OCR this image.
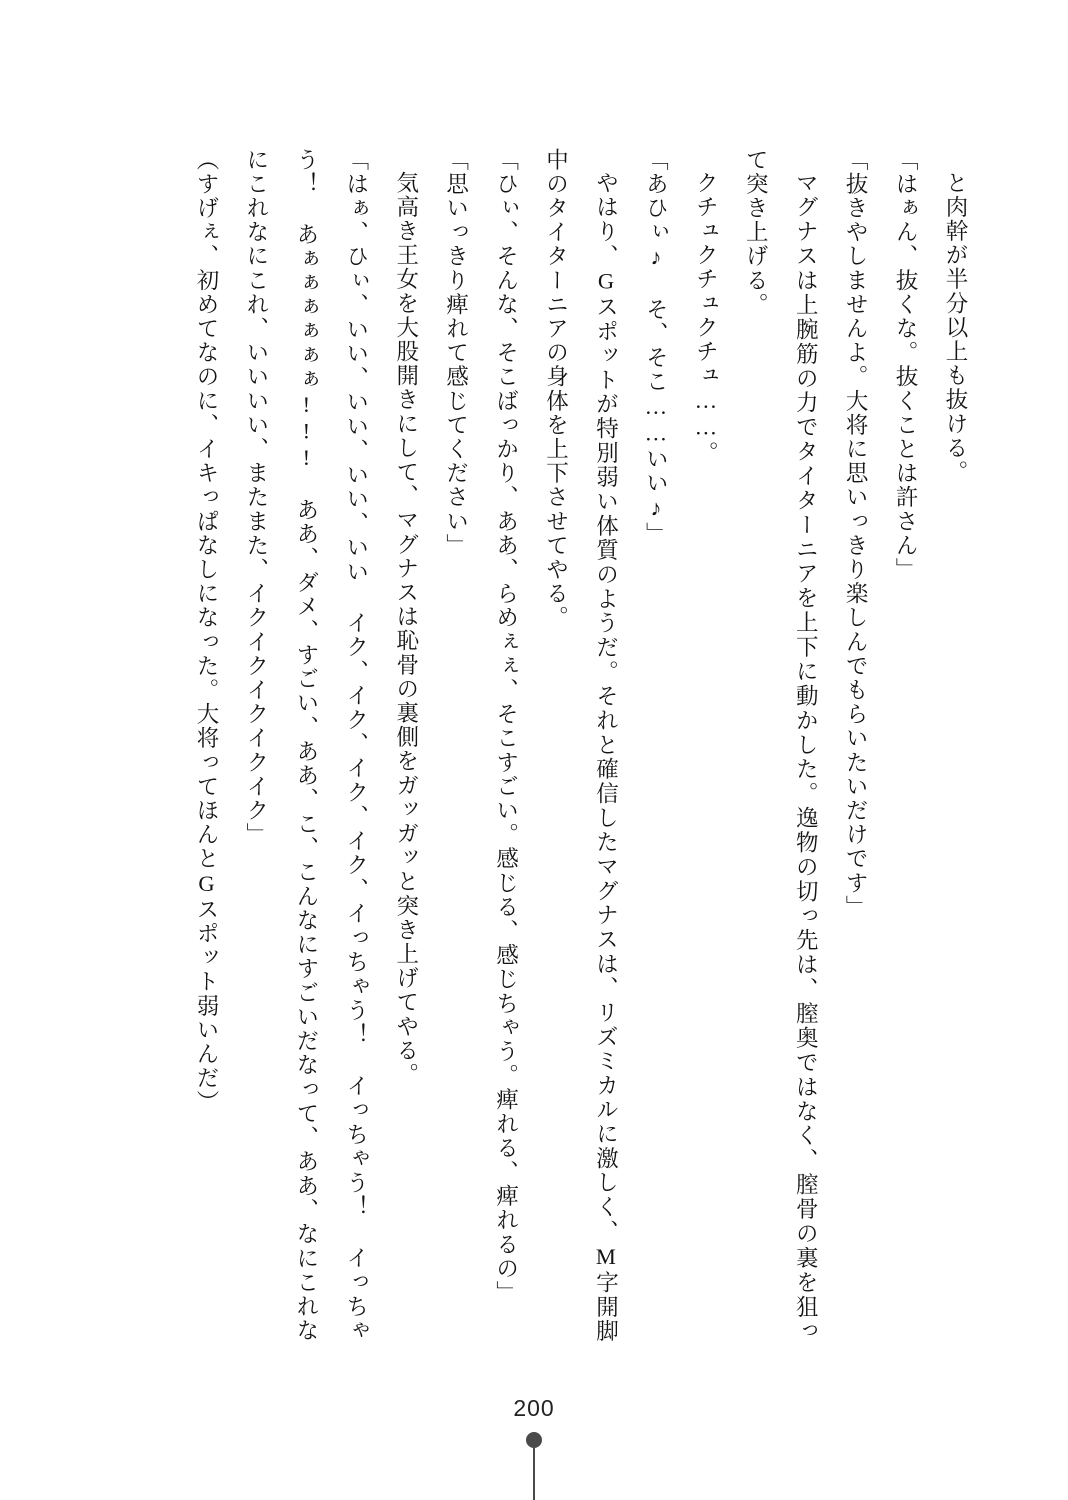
と肉幹が半分以上も抜ける。

「はぁん、抜くな。抜くことは許さん」

「抜きやしませんよ。大将に思いっきり楽しんでもらいたいだけです」

マグナスは上腕筋の力でタイターニアを上下に動かした。逸物の切っ先は、膣奥ではなく、膣骨の裏を狙って突き上げる。

クチュクチュクチュ……。

「あひぃ♪ そ、そこ……いい♪」

やはり、Gスポットが特別弱い体質のようだ。それと確信したマグナスは、リズミカルに激しく、M字開脚中のタイターニアの身体を上下させてやる。

「ひぃ、そんな、そこばっかり、ああ、らめぇぇ、そこすごい。感じる、感じちゃう。痺れる、痺れるの」

「思いっきり痺れて感じてください」

気高き王女を大股開きにして、マグナスは恥骨の裏側をガッガッと突き上げてやる。

「はぁ、ひぃ、いい、いい、いい、いい イク、イク、イク、イク、イっちゃう！ イっちゃう！ イっちゃう！ あぁぁぁぁぁぁ!!! ああ、ダメ、すごい、ああ、こ、こんなにすごいだなって、ああ、なにこれなにこれなにこれ、いいいい、またまた、イクイクイクイクイク」

（すげぇ、初めてなのに、イキっぱなしになった。大将ってほんとGスポット弱いんだ）

200
